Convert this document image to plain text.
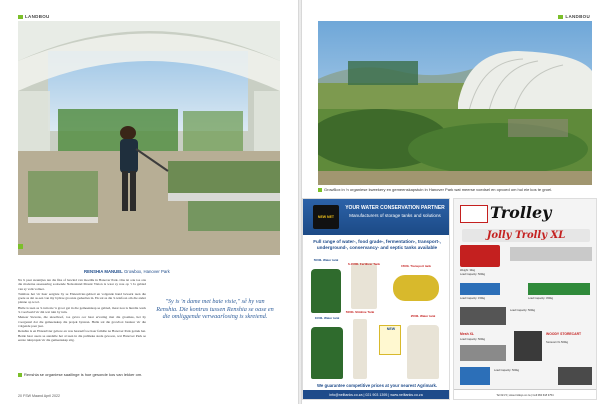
LANDBOU
RENSHIA MANUEL Growbox, Hanover Park

Na 'n paar steuntjies ten die fiks of bewind van moeilik in Hanover Park. Ons ist ook toe ons die moderne assessering sodoende Nelsonland Mount Vision is waar sy nou op 't Ja gebied van sy volk volleer.

Tuinbou het vir haar eergiste by se Elsiesrivier-gebied en volgende hand bewerk teen die goeie as dat as een van my bydrae grootste gedeeltes in. Ek sal as die 'n telefoon om die ander planne op te tel.

Hulle is teen as 'n tuin nie 'n groot gat in die gemeenskap se gebied, maar nou is hierdie werk 'n voorbeeld vir dié wat tuin by tuin.

Meneer Stevens, die skoolhoof, toe gevra oor haar ervaring met die groeikas, het hy voorgestel dat die gemeenskap die projek bystaan. Hulle sal die growbox bestuur vir die volgende paar jaar.

Renshia is en Elsiesrivier gebore en was haarself toe haar familie na Hanover Park getrek het. Beide haar ouers se aandelle het al teen in die publieke stede gewoon, wat Hanover Park se eerste tuinprojek vir die gemeenskap stig.

"Sy is 'n dame met baie visie," sê hy van Renshia. Die kontras tussen Renshia se oase en die omliggende verwaarlosing is skreiend.
Renshia se organiese saailinge is hoe gesonde kos van lekker om.
20 FSW Maand April 2022
LANDBOU
GrowBox in 'n organiese kweekery en gemeenskapstuin in Hanover Park wat meerse voedsel en opvoed om hul eie kos te groei.
NEW NET
YOUR WATER CONSERVATION PARTNER
Manufacturers of storage tanks and solutions
Full range of water-, food grade-, fermentation-, transport-, underground-, conservancy- and septic tanks available
5000L Water tank
6-1500L Fertilizer Tank	1500L Transport tank
1000L Water tank
5000L Slimline Tank
NEW
2500L Water tank
We guarantee competitive prices at your nearest Agrimark.
info@nelltanks.co.za | 021 903 1395 | www.nelltanks.co.za
Trolley
Jolly Trolly XL
Weight: 34kg
Load Capacity: 500kg
Load Capacity: 150kg	Load Capacity: 450kg
Load Capacity: 500kg
Mesh XL
Load Capacity: 500kg
WOODY STORECART
Storecart XL 500kg
Load Capacity: 500kg
Tel 021 5 | www.trolleys.co.za | Cell 084 618 3754
